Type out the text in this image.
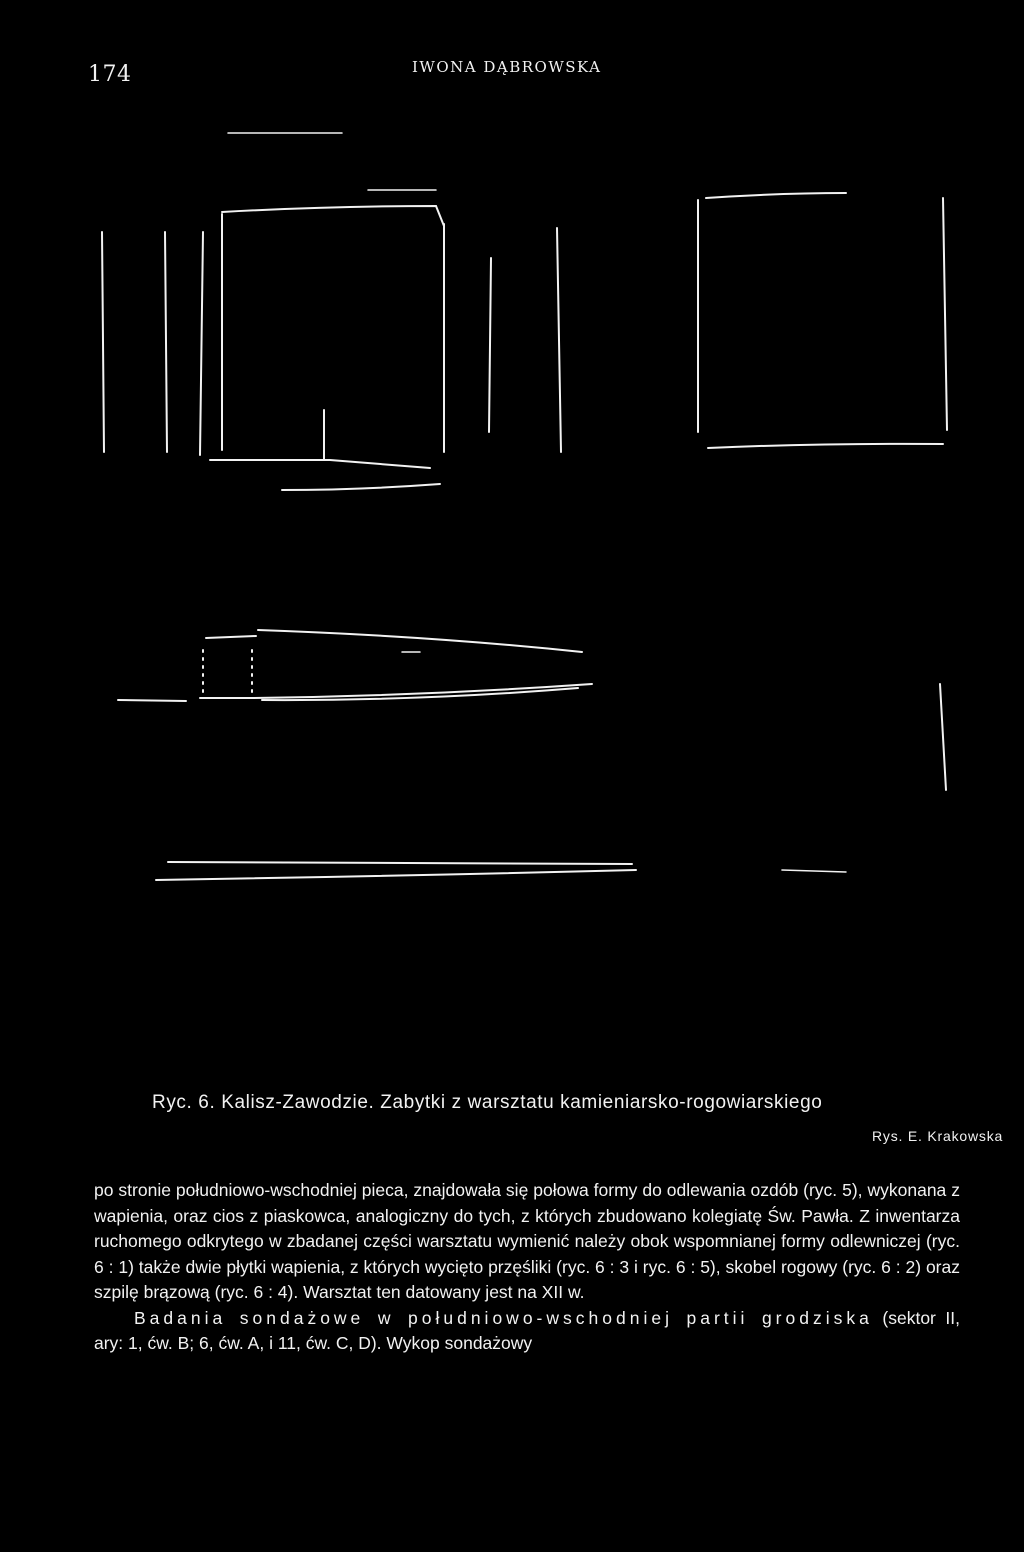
174	IWONA DĄBROWSKA
Ryc. 6. Kalisz-Zawodzie. Zabytki z warsztatu kamieniarsko-rogowiarskiego
Rys. E. Krakowska

po stronie południowo-wschodniej pieca, znajdowała się połowa formy do odlewania ozdób (ryc. 5), wykonana z wapienia, oraz cios z piaskowca, analogiczny do tych, z których zbudowano kolegiatę Św. Pawła. Z inwentarza ruchomego odkrytego w zbadanej części warsztatu wymienić należy obok wspomnianej formy odlewniczej (ryc. 6 : 1) także dwie płytki wapienia, z których wycięto przęśliki (ryc. 6 : 3 i ryc. 6 : 5), skobel rogowy (ryc. 6 : 2) oraz szpilę brązową (ryc. 6 : 4). Warsztat ten datowany jest na XII w.

Badania sondażowe w południowo-wschodniej partii grodziska (sektor II, ary: 1, ćw. B; 6, ćw. A, i 11, ćw. C, D). Wykop sondażowy
